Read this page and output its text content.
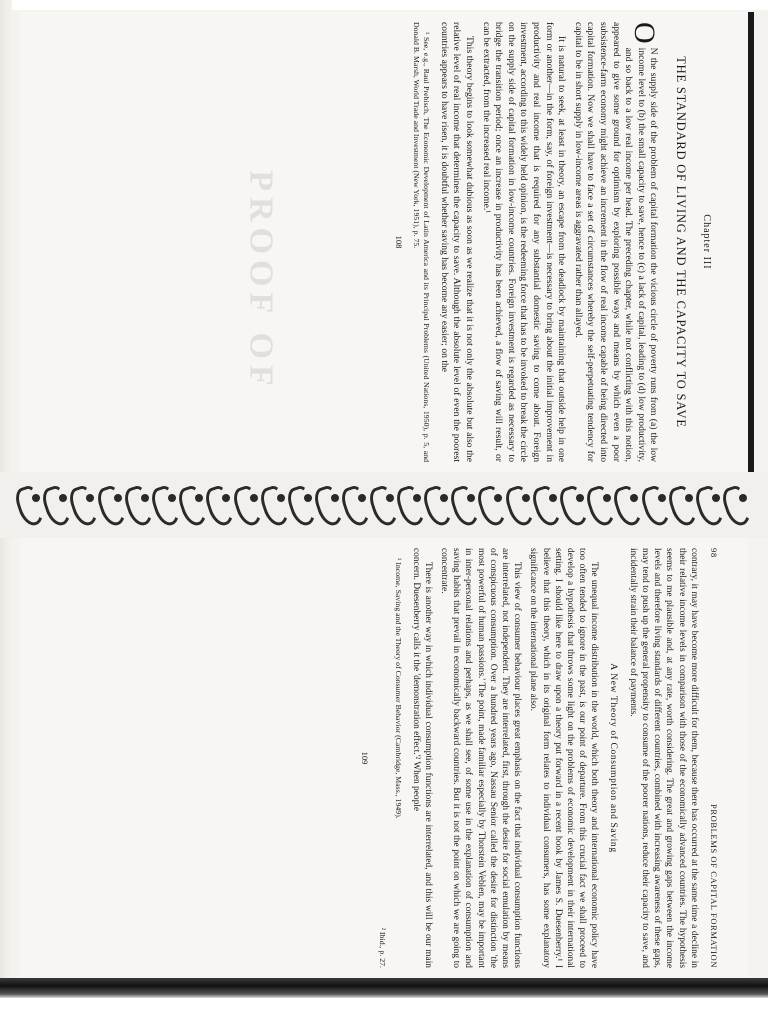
PROOF OF	Chapter III
THE STANDARD OF LIVING AND THE CAPACITY TO SAVE

O
N the supply side of the problem of capital formation the vicious circle of poverty runs from (a) the low income level to (b) the small capacity to save, hence to (c) a lack of capital, leading to (d) low productivity, and so back to a low real income per head. The preceding chapter, while not conflicting with this notion, appeared to give some ground for optimism by exploring possible ways and means by which even a poor subsistence-farm economy might achieve an increment in the flow of real income capable of being directed into capital formation. Now we shall have to face a set of circumstances whereby the self-perpetuating tendency for capital to be in short supply in low-income areas is aggravated rather than allayed.

It is natural to seek, at least in theory, an escape from the deadlock by maintaining that outside help in one form or another—in the form, say, of foreign investment—is necessary to bring about the initial improvement in productivity and real income that is required for any substantial domestic saving to come about. Foreign investment, according to this widely held opinion, is the redeeming force that has to be invoked to break the circle on the supply side of capital formation in low-income countries. Foreign investment is regarded as necessary to bridge the transition period; once an increase in productivity has been achieved, a flow of saving will result, or can be extracted, from the increased real income.¹

This theory begins to look somewhat dubious as soon as we realize that it is not only the absolute but also the relative level of real income that determines the capacity to save. Although the absolute level of even the poorest countries appears to have risen, it is doubtful whether saving has become any easier; on the

¹ See, e.g., Raul Prebisch, The Economic Development of Latin America and its Principal Problems (United Nations, 1950), p. 5, and Donald B. Marsh, World Trade and Investment (New York, 1951), p. 75.
108
98
PROBLEMS OF CAPITAL FORMATION

contrary, it may have become more difficult for them, because there has occurred at the same time a decline in their relative income levels in comparison with those of the economically advanced countries. The hypothesis seems to me plausible and, at any rate, worth considering. The great and growing gaps between the income levels and therefore living standards of different countries, combined with increasing awareness of these gaps, may tend to push up the general propensity to consume of the poorer nations, reduce their capacity to save, and incidentally strain their balance of payments.

A New Theory of Consumption and Saving

The unequal income distribution in the world, which both theory and international economic policy have too often tended to ignore in the past, is our point of departure. From this crucial fact we shall proceed to develop a hypothesis that throws some light on the problems of economic development in their international setting. I should like here to draw upon a theory put forward in a recent book by James S. Duesenberry.¹ I believe that this theory, which in its original form relates to individual consumers, has some explanatory significance on the international plane also.

This view of consumer behaviour places great emphasis on the fact that individual consumption functions are interrelated, not independent. They are interrelated, first, through the desire for social emulation by means of conspicuous consumption. Over a hundred years ago, Nassau Senior called the desire for distinction 'the most powerful of human passions.' The point, made familiar especially by Thorstein Veblen, may be important in inter-personal relations and perhaps, as we shall see, of some use in the explanation of consumption and saving habits that prevail in economically backward countries. But it is not the point on which we are going to concentrate.

There is another way in which individual consumption functions are interrelated, and this will be our main concern. Duesenberry calls it the 'demonstration effect.'² When people

¹ Income, Saving and the Theory of Consumer Behavior (Cambridge, Mass., 1949).
² Ibid., p. 27.
109
